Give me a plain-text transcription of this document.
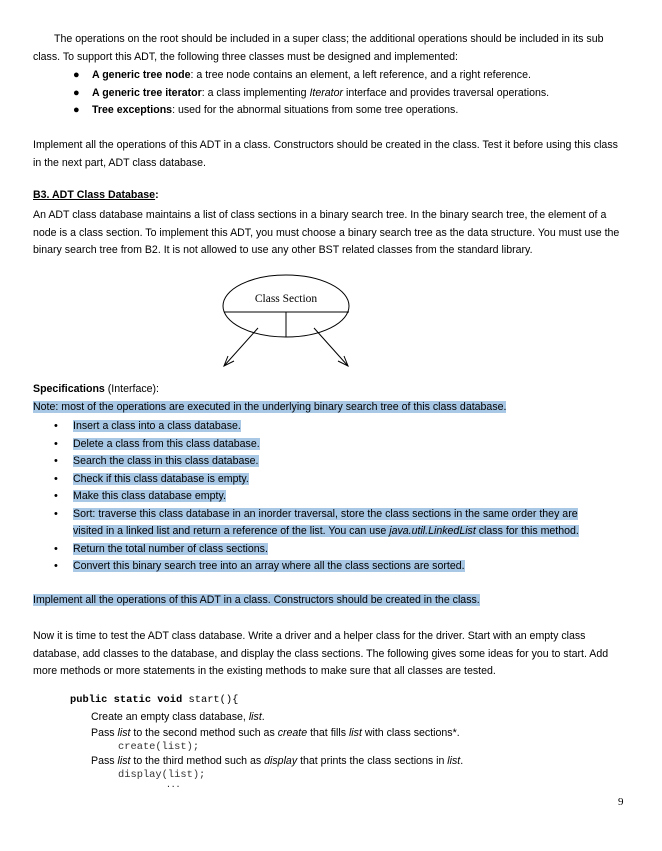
The operations on the root should be included in a super class; the additional operations should be included in its sub class. To support this ADT, the following three classes must be designed and implemented:
● A generic tree node: a tree node contains an element, a left reference, and a right reference.
● A generic tree iterator: a class implementing Iterator interface and provides traversal operations.
● Tree exceptions: used for the abnormal situations from some tree operations.
Implement all the operations of this ADT in a class. Constructors should be created in the class. Test it before using this class in the next part, ADT class database.
B3. ADT Class Database:
An ADT class database maintains a list of class sections in a binary search tree. In the binary search tree, the element of a node is a class section. To implement this ADT, you must choose a binary search tree as the data structure. You must use the binary search tree from B2. It is not allowed to use any other BST related classes from the standard library.
Class Section
Specifications (Interface):
Note: most of the operations are executed in the underlying binary search tree of this class database.
• Insert a class into a class database.
• Delete a class from this class database.
• Search the class in this class database.
• Check if this class database is empty.
• Make this class database empty.
• Sort: traverse this class database in an inorder traversal, store the class sections in the same order they are
visited in a linked list and return a reference of the list. You can use java.util.LinkedList class for this method.
• Return the total number of class sections.
• Convert this binary search tree into an array where all the class sections are sorted.
Implement all the operations of this ADT in a class. Constructors should be created in the class.
Now it is time to test the ADT class database. Write a driver and a helper class for the driver. Start with an empty class database, add classes to the database, and display the class sections. The following gives some ideas for you to start. Add more methods or more statements in the existing methods to make sure that all classes are tested.
public static void start(){
Create an empty class database, list.
Pass list to the second method such as create that fills list with class sections*.
create(list);
Pass list to the third method such as display that prints the class sections in list.
display(list);
...
9
